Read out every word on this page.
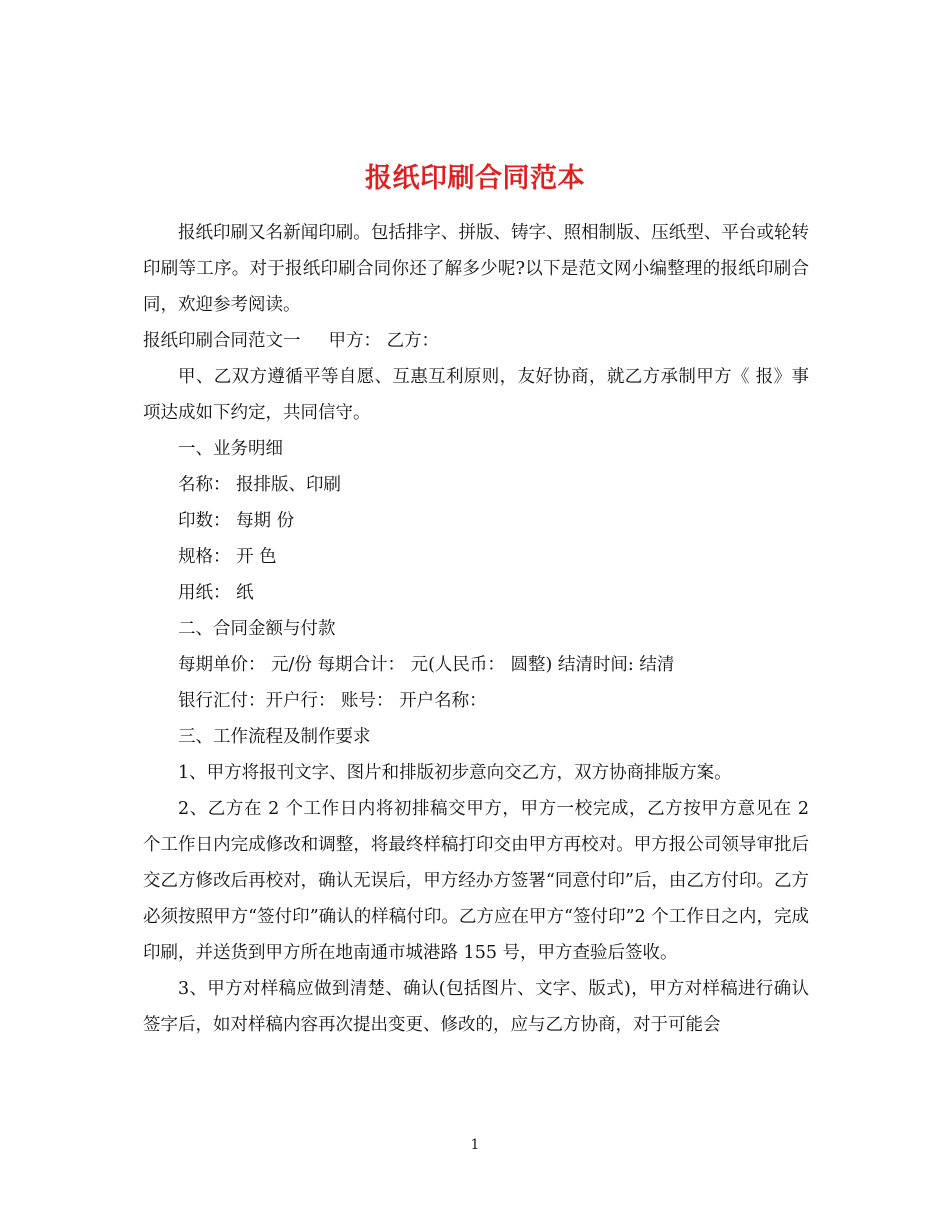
报纸印刷合同范本

报纸印刷又名新闻印刷。包括排字、拼版、铸字、照相制版、压纸型、平台或轮转印刷等工序。对于报纸印刷合同你还了解多少呢?以下是范文网小编整理的报纸印刷合同，欢迎参考阅读。

报纸印刷合同范文一 甲方： 乙方：

甲、乙双方遵循平等自愿、互惠互利原则，友好协商，就乙方承制甲方《 报》事项达成如下约定，共同信守。

一、业务明细

名称： 报排版、印刷

印数： 每期 份

规格： 开 色

用纸： 纸

二、合同金额与付款

每期单价： 元/份 每期合计： 元(人民币： 圆整) 结清时间: 结清

银行汇付：开户行： 账号： 开户名称：

三、工作流程及制作要求

1、甲方将报刊文字、图片和排版初步意向交乙方，双方协商排版方案。

2、乙方在 2 个工作日内将初排稿交甲方，甲方一校完成，乙方按甲方意见在 2 个工作日内完成修改和调整，将最终样稿打印交由甲方再校对。甲方报公司领导审批后交乙方修改后再校对，确认无误后，甲方经办方签署“同意付印”后，由乙方付印。乙方必须按照甲方“签付印”确认的样稿付印。乙方应在甲方“签付印”2 个工作日之内，完成印刷，并送货到甲方所在地南通市城港路 155 号，甲方查验后签收。

3、甲方对样稿应做到清楚、确认(包括图片、文字、版式)，甲方对样稿进行确认签字后，如对样稿内容再次提出变更、修改的，应与乙方协商，对于可能会

1
